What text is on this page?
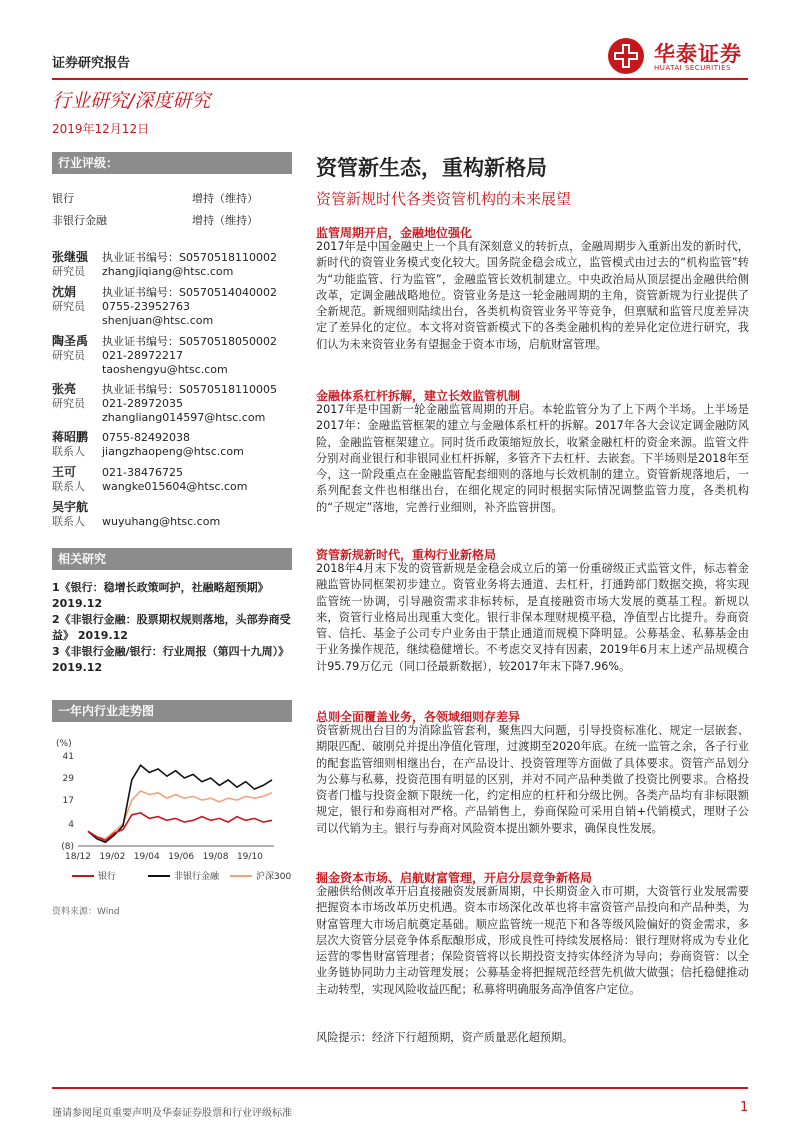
证券研究报告	华泰证券
HUATAI SECURITIES
行业研究/深度研究
2019年12月12日
行业评级：
银行	增持（维持）
非银行金融	增持（维持）
张继强 执业证书编号：S0570518110002
研究员 zhangjiqiang@htsc.com
沈娟 执业证书编号：S0570514040002
研究员 0755-23952763
shenjuan@htsc.com
陶圣禹 执业证书编号：S0570518050002
研究员 021-28972217
taoshengyu@htsc.com
张亮 执业证书编号：S0570518110005
研究员 021-28972035
zhangliang014597@htsc.com
蒋昭鹏 0755-82492038
联系人 jiangzhaopeng@htsc.com
王可 021-38476725
联系人 wangke015604@htsc.com
吴宇航
联系人 wuyuhang@htsc.com
相关研究
1《银行：稳增长政策呵护，社融略超预期》
2019.12
2《非银行金融：股票期权规则落地，头部券商受益》 2019.12
3《非银行金融/银行：行业周报（第四十九周）》 2019.12
一年内行业走势图
(%)
41
29
17
4
(8)
18/12 19/02 19/04 19/06 19/08 19/10
银行	非银行金融	沪深300
资料来源：Wind
资管新生态，重构新格局
资管新规时代各类资管机构的未来展望
监管周期开启，金融地位强化
2017年是中国金融史上一个具有深刻意义的转折点，金融周期步入重新出发的新时代，新时代的资管业务模式变化较大。国务院金稳会成立，监管模式由过去的“机构监管”转为“功能监管、行为监管”，金融监管长效机制建立。中央政治局从顶层提出金融供给侧改革，定调金融战略地位。资管业务是这一轮金融周期的主角，资管新规为行业提供了全新规范。新规细则陆续出台，各类机构资管业务平等竞争，但禀赋和监管尺度差异决定了差异化的定位。本文将对资管新模式下的各类金融机构的差异化定位进行研究，我们认为未来资管业务有望掘金于资本市场，启航财富管理。
金融体系杠杆拆解，建立长效监管机制
2017年是中国新一轮金融监管周期的开启。本轮监管分为了上下两个半场。上半场是2017年：金融监管框架的建立与金融体系杠杆的拆解。2017年各大会议定调金融防风险，金融监管框架建立。同时货币政策缩短放长，收紧金融杠杆的资金来源。监管文件分别对商业银行和非银同业杠杆拆解，多管齐下去杠杆、去嵌套。下半场则是2018年至今，这一阶段重点在金融监管配套细则的落地与长效机制的建立。资管新规落地后，一系列配套文件也相继出台，在细化规定的同时根据实际情况调整监管力度，各类机构的“子规定”落地，完善行业细则，补齐监管拼图。
资管新规新时代，重构行业新格局
2018年4月末下发的资管新规是金稳会成立后的第一份重磅级正式监管文件，标志着金融监管协同框架初步建立。资管业务将去通道、去杠杆，打通跨部门数据交换，将实现监管统一协调，引导融资需求非标转标，是直接融资市场大发展的奠基工程。新规以来，资管行业格局出现重大变化。银行非保本理财规模平稳，净值型占比提升。券商资管、信托、基金子公司专户业务由于禁止通道而规模下降明显。公募基金、私募基金由于业务操作规范，继续稳健增长。不考虑交叉持有因素，2019年6月末上述产品规模合计95.79万亿元（同口径最新数据），较2017年末下降7.96%。
总则全面覆盖业务，各领域细则存差异
资管新规出台目的为消除监管套利，聚焦四大问题，引导投资标准化、规定一层嵌套、期限匹配、破刚兑并提出净值化管理，过渡期至2020年底。在统一监管之余，各子行业的配套监管细则相继出台，在产品设计、投资管理等方面做了具体要求。资管产品划分为公募与私募，投资范围有明显的区别，并对不同产品种类做了投资比例要求。合格投资者门槛与投资金额下限统一化，约定相应的杠杆和分级比例。各类产品均有非标限额规定，银行和券商相对严格。产品销售上，券商保险可采用自销+代销模式，理财子公司以代销为主。银行与券商对风险资本提出额外要求，确保良性发展。
掘金资本市场、启航财富管理，开启分层竞争新格局
金融供给侧改革开启直接融资发展新周期，中长期资金入市可期，大资管行业发展需要把握资本市场改革历史机遇。资本市场深化改革也将丰富资管产品投向和产品种类，为财富管理大市场启航奠定基础。顺应监管统一规范下和各等级风险偏好的资金需求，多层次大资管分层竞争体系酝酿形成，形成良性可持续发展格局：银行理财将成为专业化运营的零售财富管理者；保险资管将以长期投资支持实体经济为导向；券商资管：以全业务链协同助力主动管理发展；公募基金将把握规范经营先机做大做强；信托稳健推动主动转型，实现风险收益匹配；私募将明确服务高净值客户定位。
风险提示：经济下行超预期，资产质量恶化超预期。
谨请参阅尾页重要声明及华泰证券股票和行业评级标准	1
